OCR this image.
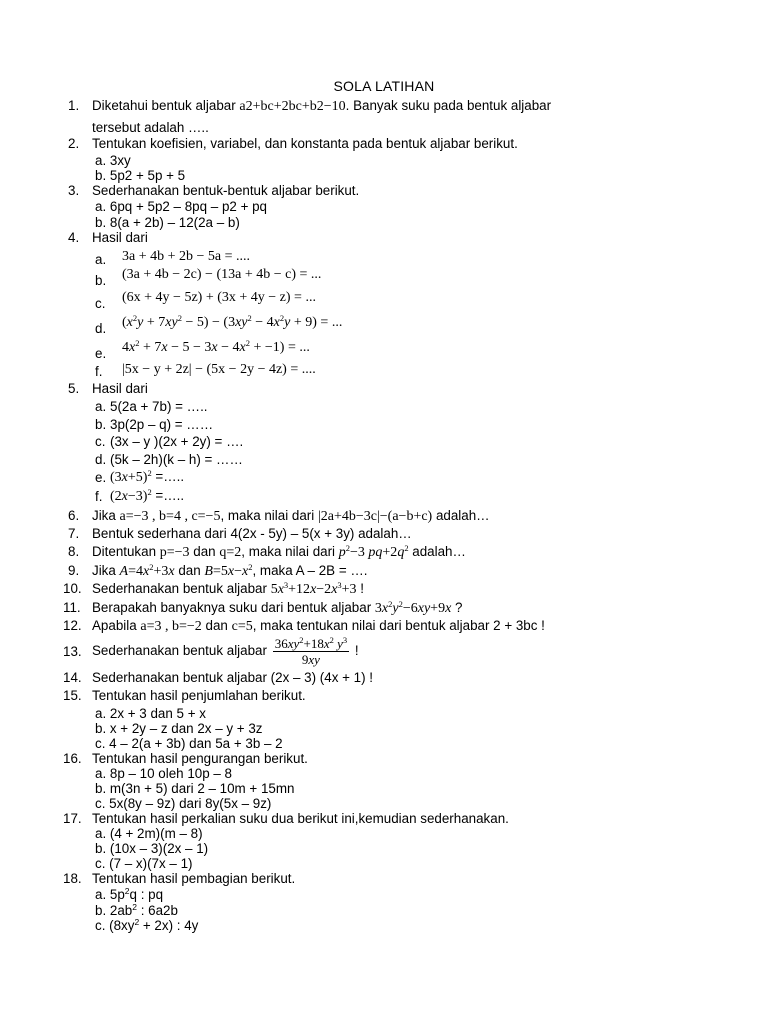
SOLA LATIHAN
1. Diketahui bentuk aljabar a2+bc+2bc+b2−10. Banyak suku pada bentuk aljabar
tersebut adalah …..
2. Tentukan koefisien, variabel, dan konstanta pada bentuk aljabar berikut.
a. 3xy
b. 5p2 + 5p + 5
3. Sederhanakan bentuk-bentuk aljabar berikut.
a. 6pq + 5p2 – 8pq – p2 + pq
b. 8(a + 2b) – 12(2a – b)
4. Hasil dari
a. 3a + 4b + 2b − 5a = ....
b. (3a + 4b − 2c) − (13a + 4b − c) = ...
c. (6x + 4y − 5z) + (3x + 4y − z) = ...
d. $(x^2y + 7xy^2 - 5) - (3xy^2 - 4x^2y + 9)$ = ...
e. $4x^2 + 7x - 5 - 3x - 4x^2 + -1$) = ...
f. |5x − y + 2z| − (5x − 2y − 4z) = ....
5. Hasil dari
a. 5(2a + 7b) = …..
b. 3p(2p – q) = ……
c. (3x – y )(2x + 2y) = ….
d. (5k – 2h)(k – h) = ……
e. $(3x+5)^2$ =…..
f. $(2x-3)^2$ =…..
6. Jika a=−3 , b=4 , c=−5, maka nilai dari |2a+4b−3c|−(a−b+c) adalah…
7. Bentuk sederhana dari 4(2x - 5y) – 5(x + 3y) adalah…
8. Ditentukan p=−3 dan q=2, maka nilai dari $p^2-3$ $pq+2q^2$ adalah…
9. Jika $A=4x^2+3x$ dan $B=5x-x^2$, maka A – 2B = ….
10. Sederhanakan bentuk aljabar $5x^3+12x-2x^3+3$ !
11. Berapakah banyaknya suku dari bentuk aljabar $3x^2y^2-6xy+9x$ ?
12. Apabila a=3 , b=−2 dan c=5, maka tentukan nilai dari bentuk aljabar 2 + 3bc !
13. Sederhanakan bentuk aljabar $\frac{36xy^2+18x^2 y^3}{9xy}$ !
14. Sederhanakan bentuk aljabar (2x – 3) (4x + 1) !
15. Tentukan hasil penjumlahan berikut.
a. 2x + 3 dan 5 + x
b. x + 2y – z dan 2x – y + 3z
c. 4 – 2(a + 3b) dan 5a + 3b – 2
16. Tentukan hasil pengurangan berikut.
a. 8p – 10 oleh 10p – 8
b. m(3n + 5) dari 2 – 10m + 15mn
c. 5x(8y – 9z) dari 8y(5x – 9z)
17. Tentukan hasil perkalian suku dua berikut ini,kemudian sederhanakan.
a. (4 + 2m)(m – 8)
b. (10x – 3)(2x – 1)
c. (7 – x)(7x – 1)
18. Tentukan hasil pembagian berikut.
a. $5p^2q$ : pq
b. $2ab^2$ : 6a2b
c. $(8xy^2 + 2x)$ : 4y
